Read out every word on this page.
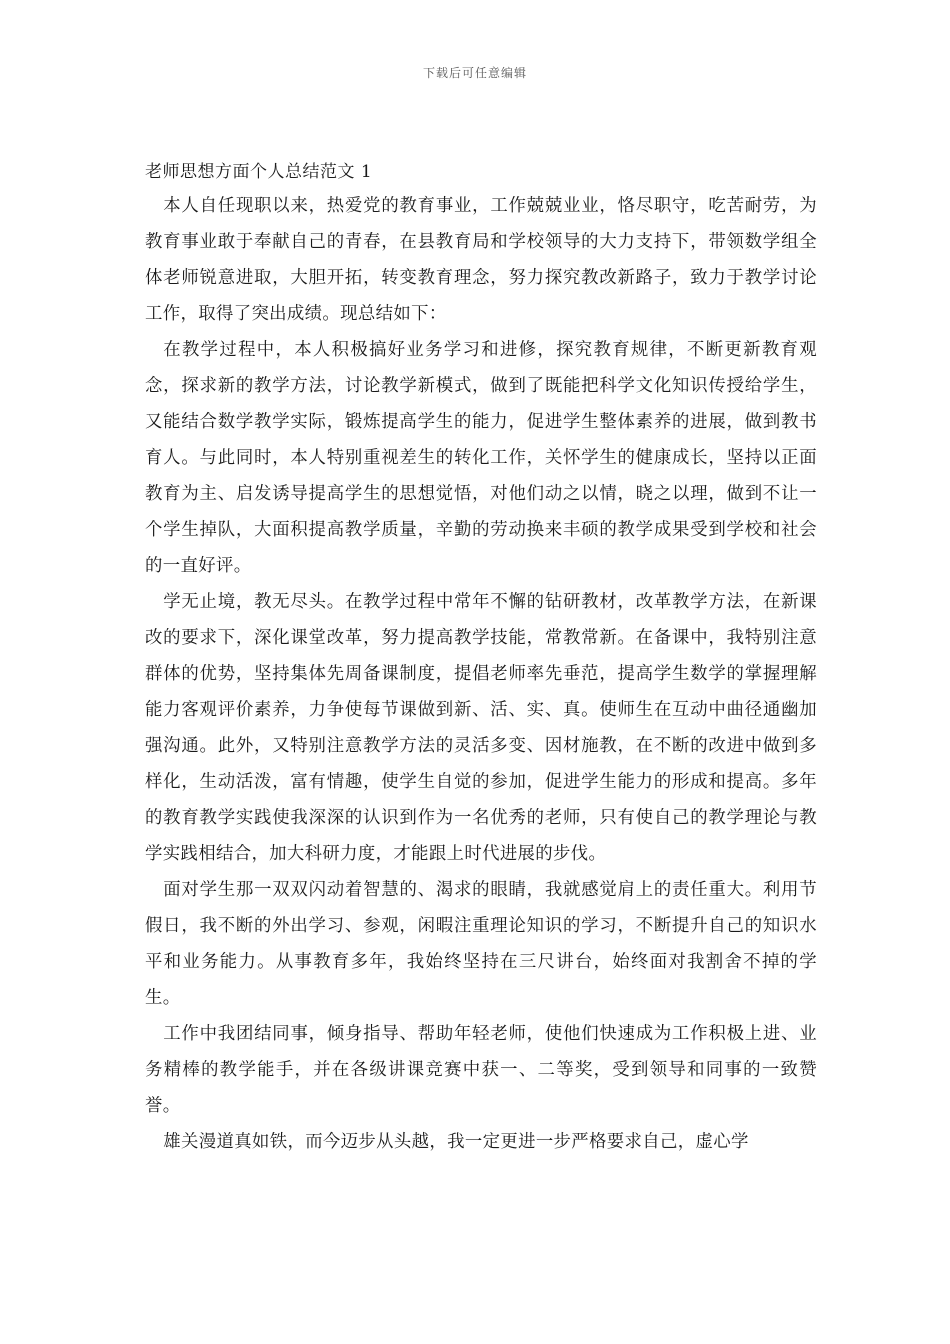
下载后可任意编辑
老师思想方面个人总结范文 1

本人自任现职以来，热爱党的教育事业，工作兢兢业业，恪尽职守，吃苦耐劳，为教育事业敢于奉献自己的青春，在县教育局和学校领导的大力支持下，带领数学组全体老师锐意进取，大胆开拓，转变教育理念，努力探究教改新路子，致力于教学讨论工作，取得了突出成绩。现总结如下：

在教学过程中，本人积极搞好业务学习和进修，探究教育规律，不断更新教育观念，探求新的教学方法，讨论教学新模式，做到了既能把科学文化知识传授给学生，又能结合数学教学实际，锻炼提高学生的能力，促进学生整体素养的进展，做到教书育人。与此同时，本人特别重视差生的转化工作，关怀学生的健康成长，坚持以正面教育为主、启发诱导提高学生的思想觉悟，对他们动之以情，晓之以理，做到不让一个学生掉队，大面积提高教学质量，辛勤的劳动换来丰硕的教学成果受到学校和社会的一直好评。

学无止境，教无尽头。在教学过程中常年不懈的钻研教材，改革教学方法，在新课改的要求下，深化课堂改革，努力提高教学技能，常教常新。在备课中，我特别注意群体的优势，坚持集体先周备课制度，提倡老师率先垂范，提高学生数学的掌握理解能力客观评价素养，力争使每节课做到新、活、实、真。使师生在互动中曲径通幽加强沟通。此外，又特别注意教学方法的灵活多变、因材施教，在不断的改进中做到多样化，生动活泼，富有情趣，使学生自觉的参加，促进学生能力的形成和提高。多年的教育教学实践使我深深的认识到作为一名优秀的老师，只有使自己的教学理论与教学实践相结合，加大科研力度，才能跟上时代进展的步伐。

面对学生那一双双闪动着智慧的、渴求的眼睛，我就感觉肩上的责任重大。利用节假日，我不断的外出学习、参观，闲暇注重理论知识的学习，不断提升自己的知识水平和业务能力。从事教育多年，我始终坚持在三尺讲台，始终面对我割舍不掉的学生。

工作中我团结同事，倾身指导、帮助年轻老师，使他们快速成为工作积极上进、业务精棒的教学能手，并在各级讲课竞赛中获一、二等奖，受到领导和同事的一致赞誉。

雄关漫道真如铁，而今迈步从头越，我一定更进一步严格要求自己，虚心学
